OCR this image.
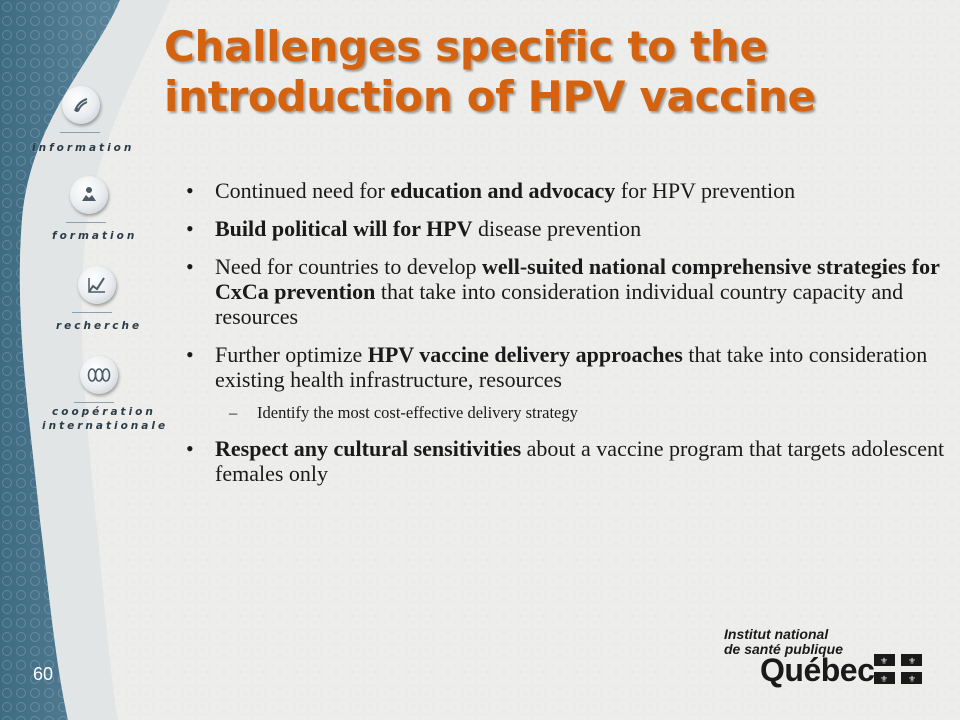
Challenges specific to the introduction of HPV vaccine
information
formation
recherche
coopération
internationale
• Continued need for education and advocacy for HPV prevention
• Build political will for HPV disease prevention
• Need for countries to develop well-suited national comprehensive strategies for CxCa prevention that take into consideration individual country capacity and resources
• Further optimize HPV vaccine delivery approaches that take into consideration existing health infrastructure, resources
– Identify the most cost-effective delivery strategy
• Respect any cultural sensitivities about a vaccine program that targets adolescent females only
60
Institut national
de santé publique
Québec ⚜ ⚜
⚜ ⚜
